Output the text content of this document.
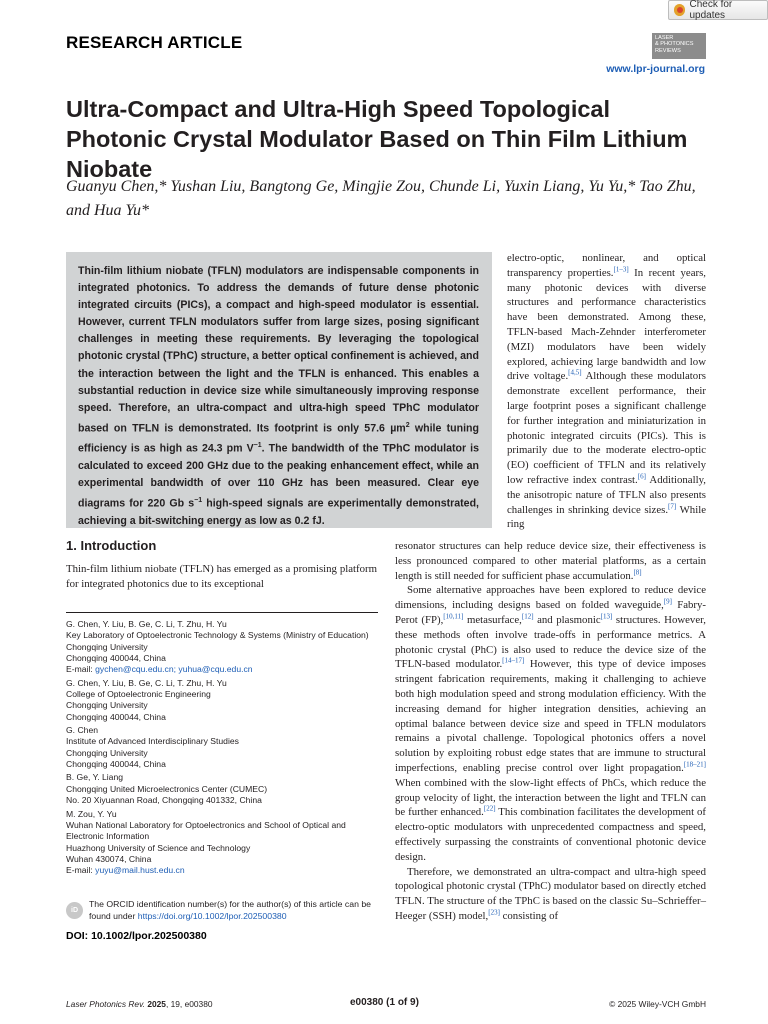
Check for updates
RESEARCH ARTICLE	LASER
& PHOTONICS
REVIEWS
www.lpr-journal.org
Ultra-Compact and Ultra-High Speed Topological Photonic Crystal Modulator Based on Thin Film Lithium Niobate
Guanyu Chen,* Yushan Liu, Bangtong Ge, Mingjie Zou, Chunde Li, Yuxin Liang, Yu Yu,* Tao Zhu, and Hua Yu*
Thin-film lithium niobate (TFLN) modulators are indispensable components in integrated photonics. To address the demands of future dense photonic integrated circuits (PICs), a compact and high-speed modulator is essential. However, current TFLN modulators suffer from large sizes, posing significant challenges in meeting these requirements. By leveraging the topological photonic crystal (TPhC) structure, a better optical confinement is achieved, and the interaction between the light and the TFLN is enhanced. This enables a substantial reduction in device size while simultaneously improving response speed. Therefore, an ultra-compact and ultra-high speed TPhC modulator based on TFLN is demonstrated. Its footprint is only 57.6 µm$^2$ while tuning efficiency is as high as 24.3 pm $V^{-1}$. The bandwidth of the TPhC modulator is calculated to exceed 200 GHz due to the peaking enhancement effect, while an experimental bandwidth of over 110 GHz has been measured. Clear eye diagrams for 220 Gb $s^{-1}$ high-speed signals are experimentally demonstrated, achieving a bit-switching energy as low as 0.2 fJ.
1. Introduction

Thin-film lithium niobate (TFLN) has emerged as a promising platform for integrated photonics due to its exceptional

electro-optic, nonlinear, and optical transparency properties.[1–3] In recent years, many photonic devices with diverse structures and performance characteristics have been demonstrated. Among these, TFLN-based Mach-Zehnder interferometer (MZI) modulators have been widely explored, achieving large bandwidth and low drive voltage.[4,5] Although these modulators demonstrate excellent performance, their large footprint poses a significant challenge for further integration and miniaturization in photonic integrated circuits (PICs). This is primarily due to the moderate electro-optic (EO) coefficient of TFLN and its relatively low refractive index contrast.[6] Additionally, the anisotropic nature of TFLN also presents challenges in shrinking device sizes.[7] While ring

resonator structures can help reduce device size, their effectiveness is less pronounced compared to other material platforms, as a certain length is still needed for sufficient phase accumulation.[8]

Some alternative approaches have been explored to reduce device dimensions, including designs based on folded waveguide,[9] Fabry-Perot (FP),[10,11] metasurface,[12] and plasmonic[13] structures. However, these methods often involve trade-offs in performance metrics. A photonic crystal (PhC) is also used to reduce the device size of the TFLN-based modulator.[14–17] However, this type of device imposes stringent fabrication requirements, making it challenging to achieve both high modulation speed and strong modulation efficiency. With the increasing demand for higher integration densities, achieving an optimal balance between device size and speed in TFLN modulators remains a pivotal challenge. Topological photonics offers a novel solution by exploiting robust edge states that are immune to structural imperfections, enabling precise control over light propagation.[18–21] When combined with the slow-light effects of PhCs, which reduce the group velocity of light, the interaction between the light and TFLN can be further enhanced.[22] This combination facilitates the development of electro-optic modulators with unprecedented compactness and speed, effectively surpassing the constraints of conventional photonic device design.

Therefore, we demonstrated an ultra-compact and ultra-high speed topological photonic crystal (TPhC) modulator based on directly etched TFLN. The structure of the TPhC is based on the classic Su–Schrieffer–Heeger (SSH) model,[23] consisting of

G. Chen, Y. Liu, B. Ge, C. Li, T. Zhu, H. Yu
Key Laboratory of Optoelectronic Technology & Systems (Ministry of Education)
Chongqing University
Chongqing 400044, China
E-mail: gychen@cqu.edu.cn; yuhua@cqu.edu.cn
G. Chen, Y. Liu, B. Ge, C. Li, T. Zhu, H. Yu
College of Optoelectronic Engineering
Chongqing University
Chongqing 400044, China
G. Chen
Institute of Advanced Interdisciplinary Studies
Chongqing University
Chongqing 400044, China
B. Ge, Y. Liang
Chongqing United Microelectronics Center (CUMEC)
No. 20 Xiyuannan Road, Chongqing 401332, China
M. Zou, Y. Yu
Wuhan National Laboratory for Optoelectronics and School of Optical and Electronic Information
Huazhong University of Science and Technology
Wuhan 430074, China
E-mail: yuyu@mail.hust.edu.cn
iD
The ORCID identification number(s) for the author(s) of this article can be found under https://doi.org/10.1002/lpor.202500380
DOI: 10.1002/lpor.202500380
Laser Photonics Rev. 2025, 19, e00380	e00380 (1 of 9)	© 2025 Wiley-VCH GmbH
